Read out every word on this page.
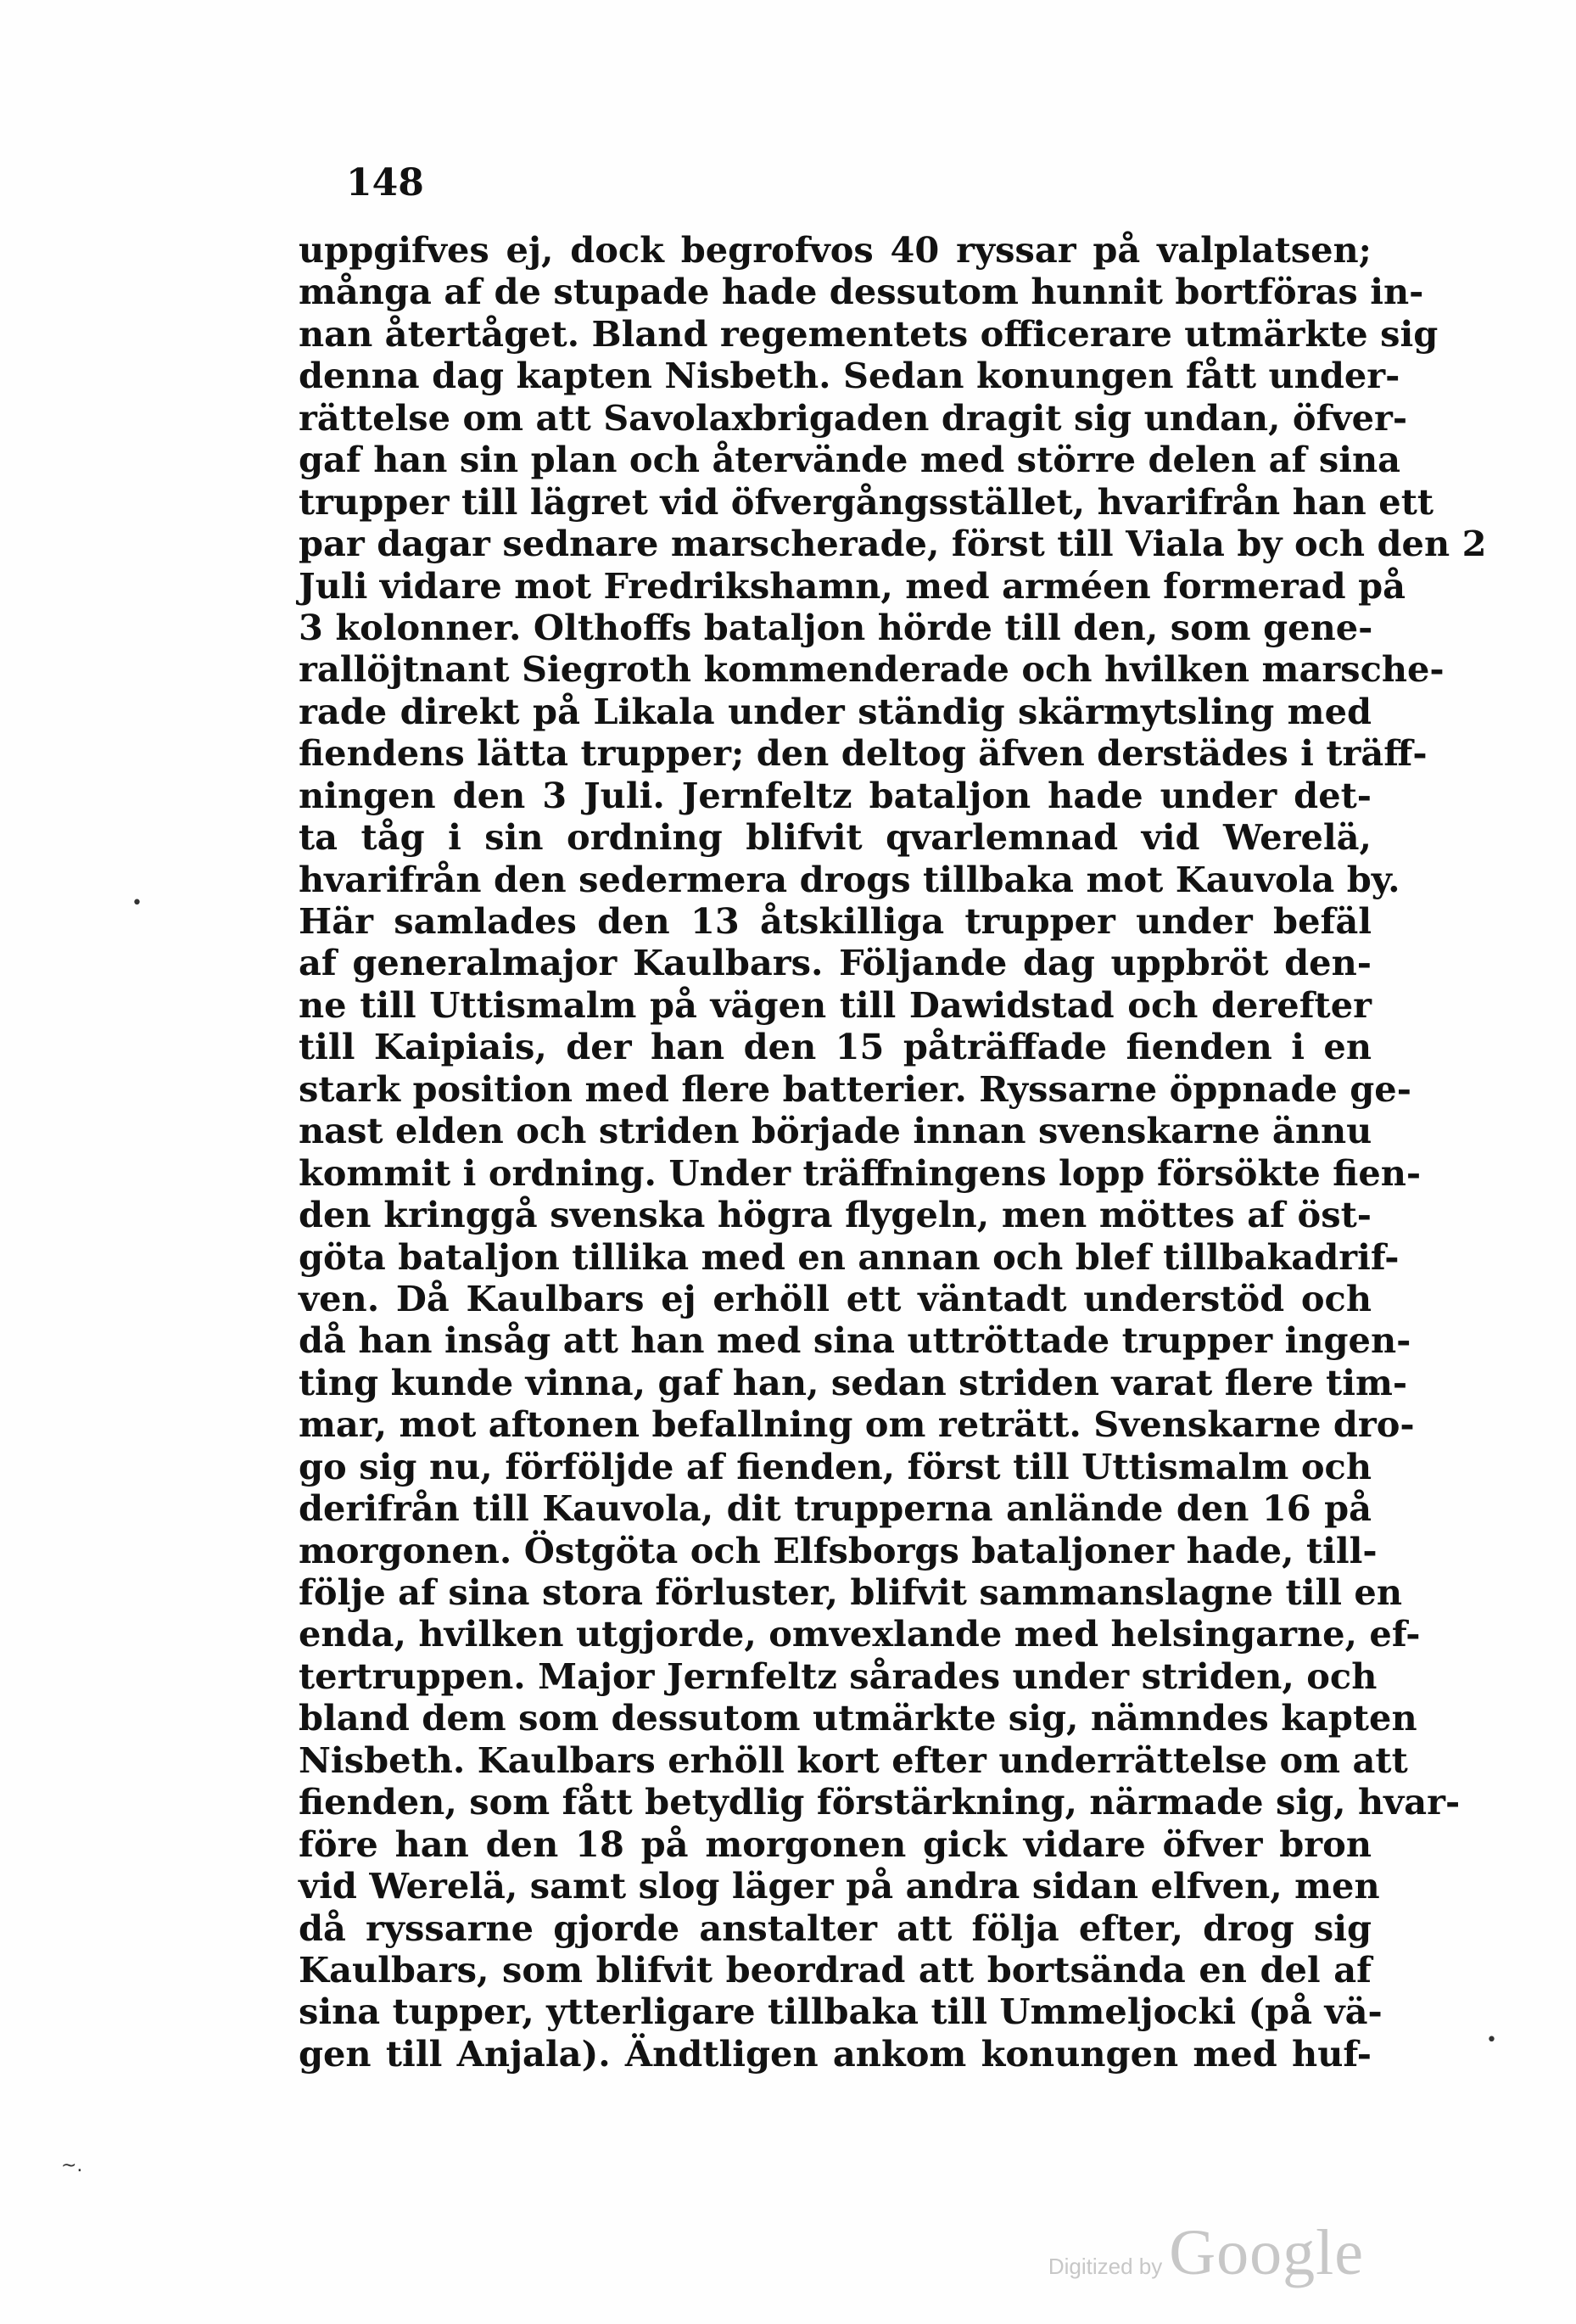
148
uppgifves ej, dock begrofvos 40 ryssar på valplatsen;
många af de stupade hade dessutom hunnit bortföras in-
nan återtåget. Bland regementets officerare utmärkte sig
denna dag kapten Nisbeth. Sedan konungen fått under-
rättelse om att Savolaxbrigaden dragit sig undan, öfver-
gaf han sin plan och återvände med större delen af sina
trupper till lägret vid öfvergångsstället, hvarifrån han ett
par dagar sednare marscherade, först till Viala by och den 2
Juli vidare mot Fredrikshamn, med arméen formerad på
3 kolonner. Olthoffs bataljon hörde till den, som gene-
rallöjtnant Siegroth kommenderade och hvilken marsche-
rade direkt på Likala under ständig skärmytsling med
fiendens lätta trupper; den deltog äfven derstädes i träff-
ningen den 3 Juli. Jernfeltz bataljon hade under det-
ta tåg i sin ordning blifvit qvarlemnad vid Werelä,
hvarifrån den sedermera drogs tillbaka mot Kauvola by.
Här samlades den 13 åtskilliga trupper under befäl
af generalmajor Kaulbars. Följande dag uppbröt den-
ne till Uttismalm på vägen till Dawidstad och derefter
till Kaipiais, der han den 15 påträffade fienden i en
stark position med flere batterier. Ryssarne öppnade ge-
nast elden och striden började innan svenskarne ännu
kommit i ordning. Under träffningens lopp försökte fien-
den kringgå svenska högra flygeln, men möttes af öst-
göta bataljon tillika med en annan och blef tillbakadrif-
ven. Då Kaulbars ej erhöll ett väntadt understöd och
då han insåg att han med sina uttröttade trupper ingen-
ting kunde vinna, gaf han, sedan striden varat flere tim-
mar, mot aftonen befallning om reträtt. Svenskarne dro-
go sig nu, förföljde af fienden, först till Uttismalm och
derifrån till Kauvola, dit trupperna anlände den 16 på
morgonen. Östgöta och Elfsborgs bataljoner hade, till-
följe af sina stora förluster, blifvit sammanslagne till en
enda, hvilken utgjorde, omvexlande med helsingarne, ef-
tertruppen. Major Jernfeltz sårades under striden, och
bland dem som dessutom utmärkte sig, nämndes kapten
Nisbeth. Kaulbars erhöll kort efter underrättelse om att
fienden, som fått betydlig förstärkning, närmade sig, hvar-
före han den 18 på morgonen gick vidare öfver bron
vid Werelä, samt slog läger på andra sidan elfven, men
då ryssarne gjorde anstalter att följa efter, drog sig
Kaulbars, som blifvit beordrad att bortsända en del af
sina tupper, ytterligare tillbaka till Ummeljocki (på vä-
gen till Anjala). Ändtligen ankom konungen med huf-
•
•
~.
Digitized by Google
